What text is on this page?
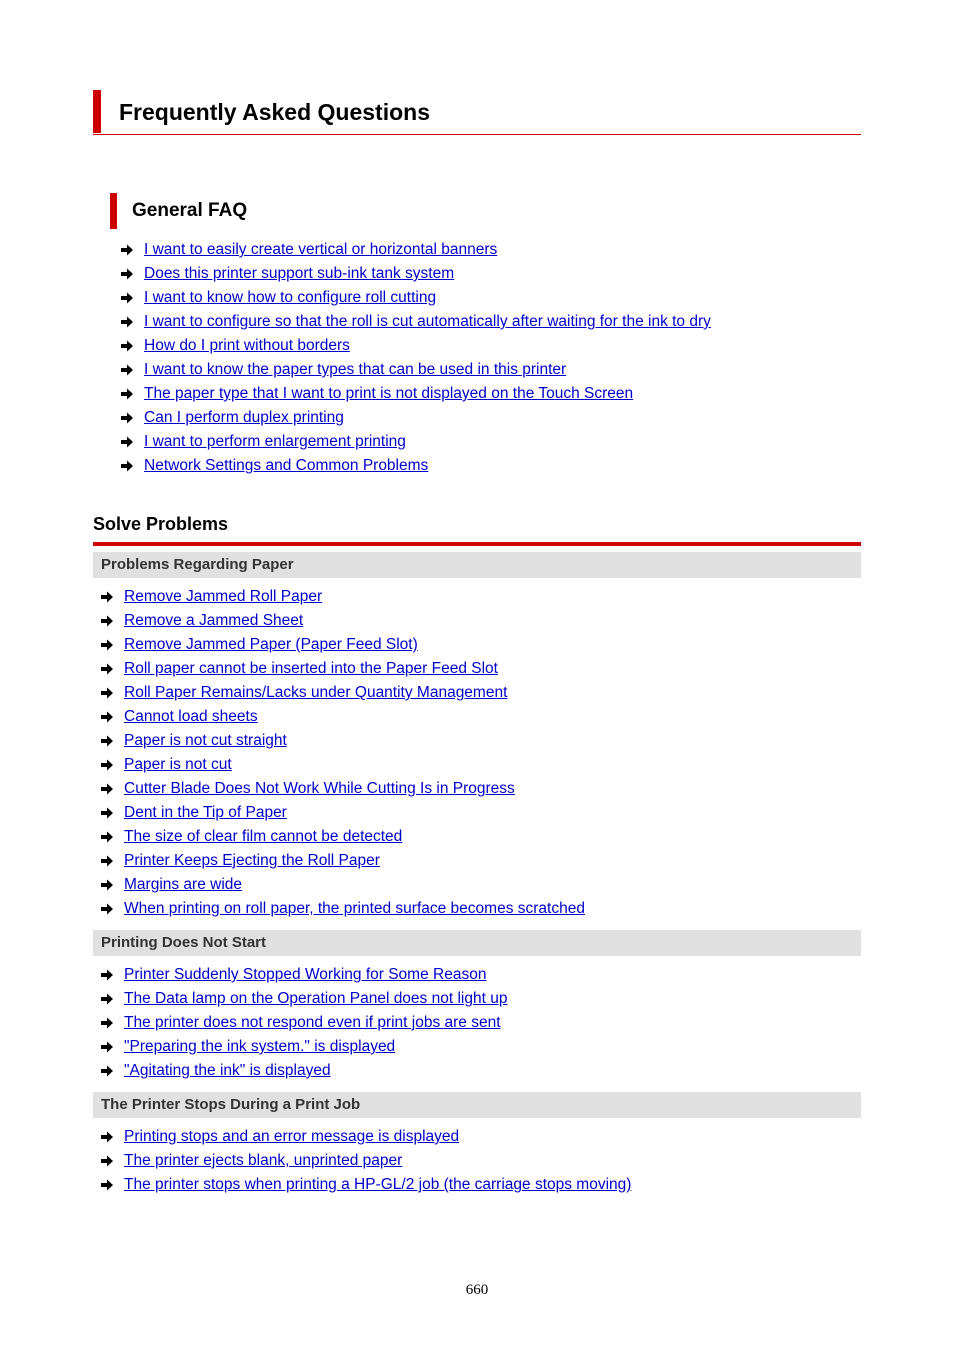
Frequently Asked Questions
General FAQ
I want to easily create vertical or horizontal banners
Does this printer support sub-ink tank system
I want to know how to configure roll cutting
I want to configure so that the roll is cut automatically after waiting for the ink to dry
How do I print without borders
I want to know the paper types that can be used in this printer
The paper type that I want to print is not displayed on the Touch Screen
Can I perform duplex printing
I want to perform enlargement printing
Network Settings and Common Problems
Solve Problems
Problems Regarding Paper
Remove Jammed Roll Paper
Remove a Jammed Sheet
Remove Jammed Paper (Paper Feed Slot)
Roll paper cannot be inserted into the Paper Feed Slot
Roll Paper Remains/Lacks under Quantity Management
Cannot load sheets
Paper is not cut straight
Paper is not cut
Cutter Blade Does Not Work While Cutting Is in Progress
Dent in the Tip of Paper
The size of clear film cannot be detected
Printer Keeps Ejecting the Roll Paper
Margins are wide
When printing on roll paper, the printed surface becomes scratched
Printing Does Not Start
Printer Suddenly Stopped Working for Some Reason
The Data lamp on the Operation Panel does not light up
The printer does not respond even if print jobs are sent
"Preparing the ink system." is displayed
"Agitating the ink" is displayed
The Printer Stops During a Print Job
Printing stops and an error message is displayed
The printer ejects blank, unprinted paper
The printer stops when printing a HP-GL/2 job (the carriage stops moving)
660
